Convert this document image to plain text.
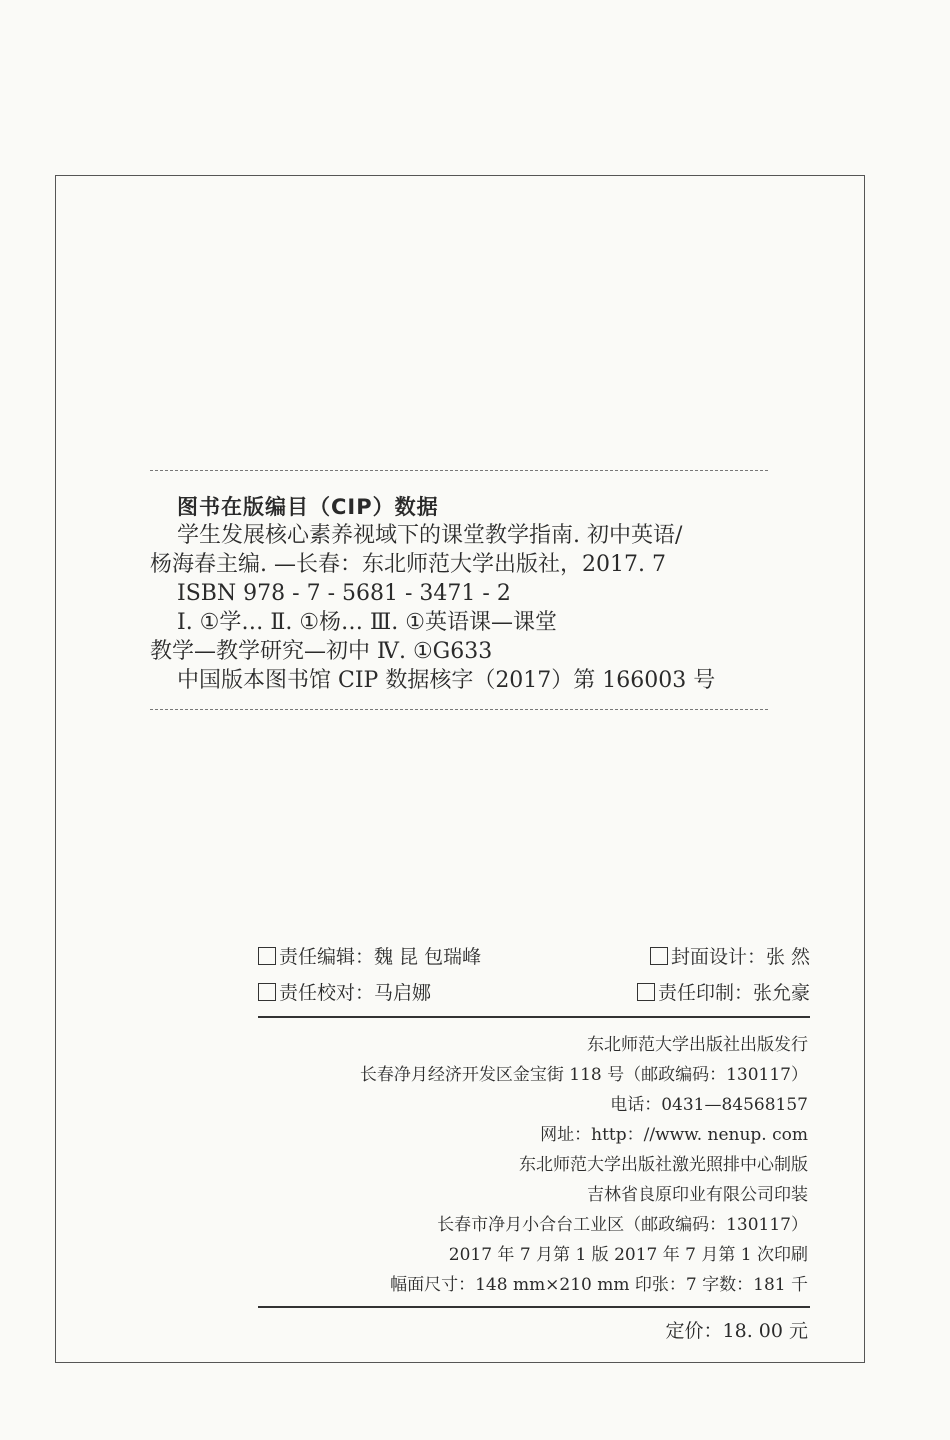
图书在版编目（CIP）数据

学生发展核心素养视域下的课堂教学指南. 初中英语/

杨海春主编. —长春：东北师范大学出版社，2017. 7

ISBN 978 - 7 - 5681 - 3471 - 2

Ⅰ. ①学… Ⅱ. ①杨… Ⅲ. ①英语课—课堂

教学—教学研究—初中 Ⅳ. ①G633

中国版本图书馆 CIP 数据核字（2017）第 166003 号

责任编辑：魏 昆 包瑞峰	封面设计：张 然
责任校对：马启娜	责任印制：张允豪
东北师范大学出版社出版发行
长春净月经济开发区金宝街 118 号（邮政编码：130117）
电话：0431—84568157
网址：http：//www. nenup. com
东北师范大学出版社激光照排中心制版
吉林省良原印业有限公司印装
长春市净月小合台工业区（邮政编码：130117）
2017 年 7 月第 1 版 2017 年 7 月第 1 次印刷
幅面尺寸：148 mm×210 mm 印张：7 字数：181 千
定价：18. 00 元
